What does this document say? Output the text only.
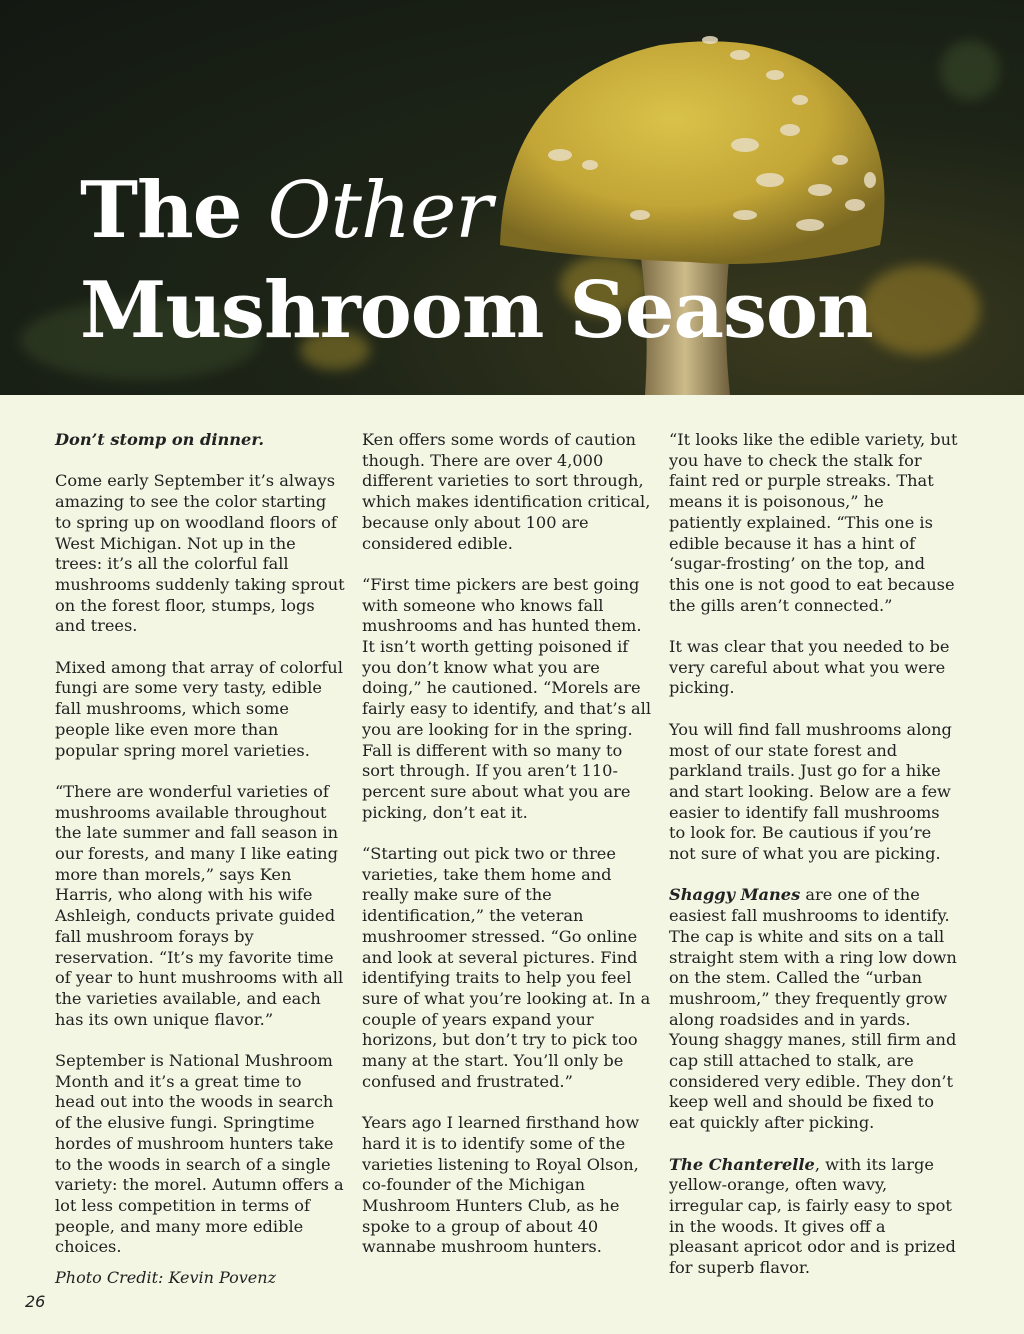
The Other
Mushroom Season

Don’t stomp on dinner.

Come early September it’s always amazing to see the color starting to spring up on woodland floors of West Michigan. Not up in the trees: it’s all the colorful fall mushrooms suddenly taking sprout on the forest floor, stumps, logs and trees.

Mixed among that array of colorful fungi are some very tasty, edible fall mushrooms, which some people like even more than popular spring morel varieties.

“There are wonderful varieties of mushrooms available throughout the late summer and fall season in our forests, and many I like eating more than morels,” says Ken Harris, who along with his wife Ashleigh, conducts private guided fall mushroom forays by reservation. “It’s my favorite time of year to hunt mushrooms with all the varieties available, and each has its own unique flavor.”

September is National Mushroom Month and it’s a great time to head out into the woods in search of the elusive fungi. Springtime hordes of mushroom hunters take to the woods in search of a single variety: the morel. Autumn offers a lot less competition in terms of people, and many more edible choices.

Ken offers some words of caution though. There are over 4,000 different varieties to sort through, which makes identification critical, because only about 100 are considered edible.

“First time pickers are best going with someone who knows fall mushrooms and has hunted them. It isn’t worth getting poisoned if you don’t know what you are doing,” he cautioned. “Morels are fairly easy to identify, and that’s all you are looking for in the spring. Fall is different with so many to sort through. If you aren’t 110-percent sure about what you are picking, don’t eat it.

“Starting out pick two or three varieties, take them home and really make sure of the identification,” the veteran mushroomer stressed. “Go online and look at several pictures. Find identifying traits to help you feel sure of what you’re looking at. In a couple of years expand your horizons, but don’t try to pick too many at the start. You’ll only be confused and frustrated.”

Years ago I learned firsthand how hard it is to identify some of the varieties listening to Royal Olson, co-founder of the Michigan Mushroom Hunters Club, as he spoke to a group of about 40 wannabe mushroom hunters.

“It looks like the edible variety, but you have to check the stalk for faint red or purple streaks. That means it is poisonous,” he patiently explained. “This one is edible because it has a hint of ‘sugar-frosting’ on the top, and this one is not good to eat because the gills aren’t connected.”

It was clear that you needed to be very careful about what you were picking.

You will find fall mushrooms along most of our state forest and parkland trails. Just go for a hike and start looking. Below are a few easier to identify fall mushrooms to look for. Be cautious if you’re not sure of what you are picking.

Shaggy Manes are one of the easiest fall mushrooms to identify. The cap is white and sits on a tall straight stem with a ring low down on the stem. Called the “urban mushroom,” they frequently grow along roadsides and in yards. Young shaggy manes, still firm and cap still attached to stalk, are considered very edible. They don’t keep well and should be fixed to eat quickly after picking.

The Chanterelle, with its large yellow-orange, often wavy, irregular cap, is fairly easy to spot in the woods. It gives off a pleasant apricot odor and is prized for superb flavor.

Photo Credit: Kevin Povenz
26
